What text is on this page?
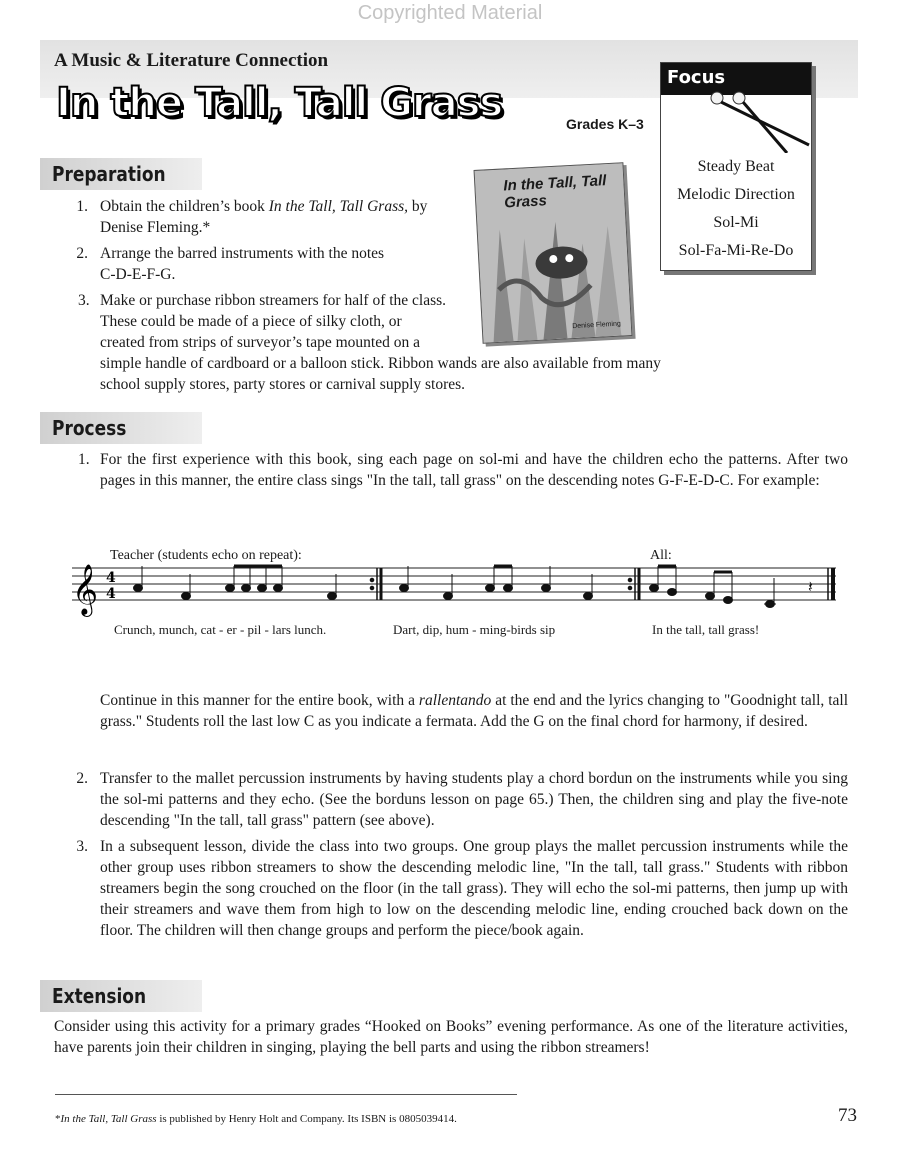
Copyrighted Material
A Music & Literature Connection
In the Tall, Tall Grass	Grades K–3
Focus
Steady Beat
Melodic Direction
Sol-Mi
Sol-Fa-Mi-Re-Do
In the Tall, Tall Grass
Denise Fleming
Preparation
1. Obtain the children’s book In the Tall, Tall Grass, by Denise Fleming.*
2. Arrange the barred instruments with the notes C-D-E-F-G.
3. Make or purchase ribbon streamers for half of the class. These could be made of a piece of silky cloth, or created from strips of surveyor’s tape mounted on a simple handle of cardboard or a balloon stick. Ribbon wands are also available from many school supply stores, party stores or carnival supply stores.
Process
1. For the first experience with this book, sing each page on sol-mi and have the children echo the patterns. After two pages in this manner, the entire class sings "In the tall, tall grass" on the descending notes G-F-E-D-C. For example:
Teacher (students echo on repeat):	All:
𝄞 4
4	𝄽
Crunch, munch, cat - er - pil - lars lunch.	Dart, dip, hum - ming-birds sip	In the tall, tall grass!
Continue in this manner for the entire book, with a rallentando at the end and the lyrics changing to "Goodnight tall, tall grass." Students roll the last low C as you indicate a fermata. Add the G on the final chord for harmony, if desired.
2. Transfer to the mallet percussion instruments by having students play a chord bordun on the instruments while you sing the sol-mi patterns and they echo. (See the borduns lesson on page 65.) Then, the children sing and play the five-note descending "In the tall, tall grass" pattern (see above).
3. In a subsequent lesson, divide the class into two groups. One group plays the mallet percussion instruments while the other group uses ribbon streamers to show the descending melodic line, "In the tall, tall grass." Students with ribbon streamers begin the song crouched on the floor (in the tall grass). They will echo the sol-mi patterns, then jump up with their streamers and wave them from high to low on the descending melodic line, ending crouched back down on the floor. The children will then change groups and perform the piece/book again.
Extension
Consider using this activity for a primary grades “Hooked on Books” evening performance. As one of the literature activities, have parents join their children in singing, playing the bell parts and using the ribbon streamers!
*In the Tall, Tall Grass is published by Henry Holt and Company. Its ISBN is 0805039414.	73
